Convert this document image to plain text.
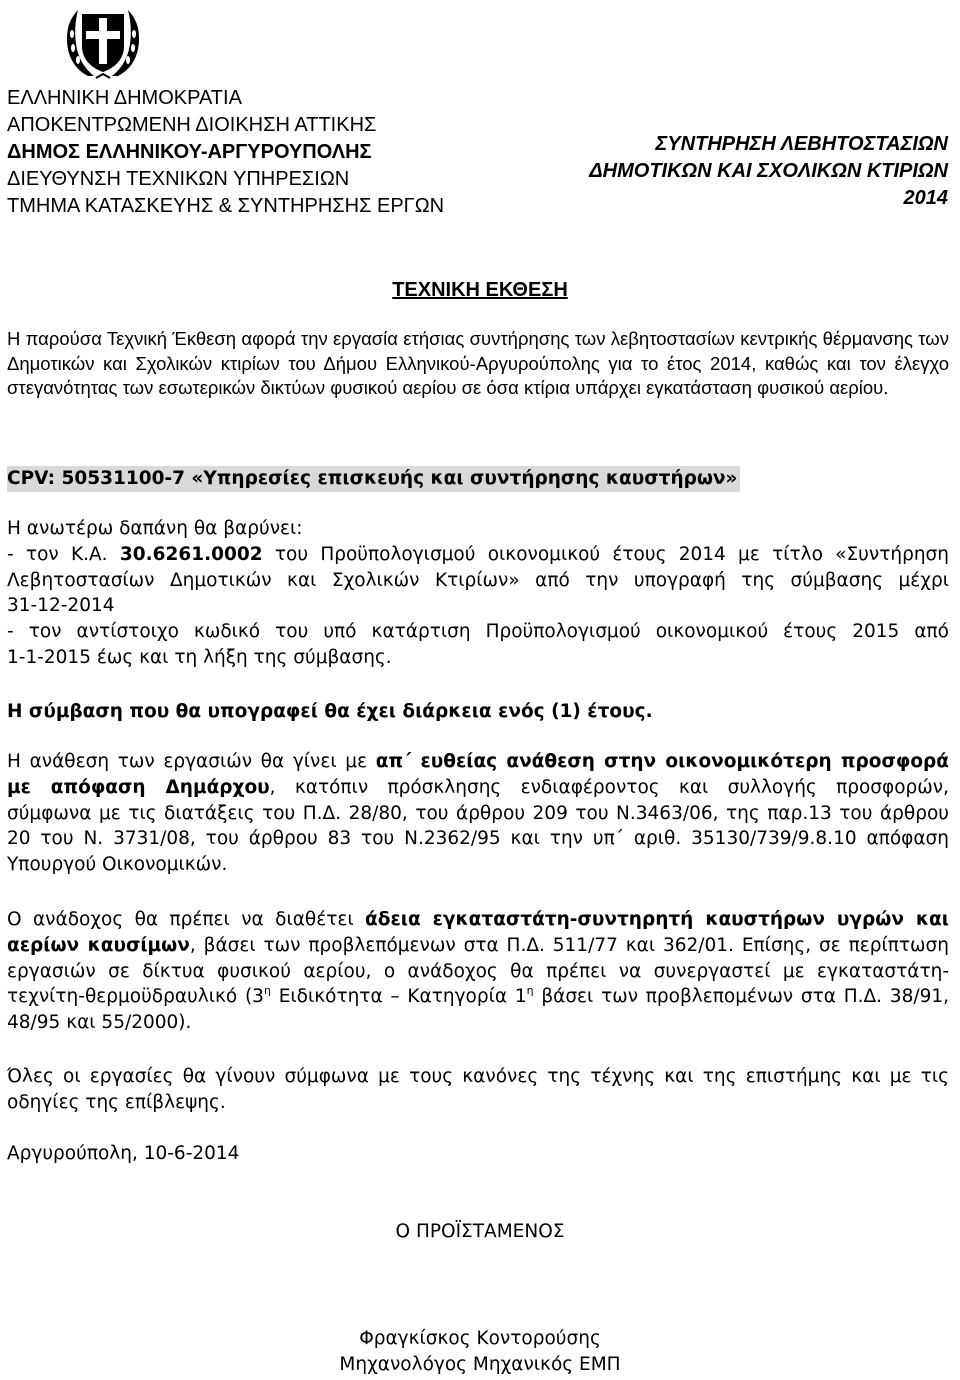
ΕΛΛΗΝΙΚΗ ΔΗΜΟΚΡΑΤΙΑ
ΑΠΟΚΕΝΤΡΩΜΕΝΗ ΔΙΟΙΚΗΣΗ ΑΤΤΙΚΗΣ
ΔΗΜΟΣ ΕΛΛΗΝΙΚΟΥ-ΑΡΓΥΡΟΥΠΟΛΗΣ
ΔΙΕΥΘΥΝΣΗ ΤΕΧΝΙΚΩΝ ΥΠΗΡΕΣΙΩΝ
ΤΜΗΜΑ ΚΑΤΑΣΚΕΥΗΣ & ΣΥΝΤΗΡΗΣΗΣ ΕΡΓΩΝ
ΣΥΝΤΗΡΗΣΗ ΛΕΒΗΤΟΣΤΑΣΙΩΝ
ΔΗΜΟΤΙΚΩΝ ΚΑΙ ΣΧΟΛΙΚΩΝ ΚΤΙΡΙΩΝ
2014
ΤΕΧΝΙΚΗ ΕΚΘΕΣΗ
Η παρούσα Τεχνική Έκθεση αφορά την εργασία ετήσιας συντήρησης των λεβητοστασίων κεντρικής θέρμανσης των Δημοτικών και Σχολικών κτιρίων του Δήμου Ελληνικού-Αργυρούπολης για το έτος 2014, καθώς και τον έλεγχο στεγανότητας των εσωτερικών δικτύων φυσικού αερίου σε όσα κτίρια υπάρχει εγκατάσταση φυσικού αερίου.
CPV: 50531100-7 «Υπηρεσίες επισκευής και συντήρησης καυστήρων»
Η ανωτέρω δαπάνη θα βαρύνει:
- τον Κ.Α. 30.6261.0002 του Προϋπολογισμού οικονομικού έτους 2014 με τίτλο «Συντήρηση
Λεβητοστασίων Δημοτικών και Σχολικών Κτιρίων» από την υπογραφή της σύμβασης μέχρι
31-12-2014
- τον αντίστοιχο κωδικό του υπό κατάρτιση Προϋπολογισμού οικονομικού έτους 2015 από
1-1-2015 έως και τη λήξη της σύμβασης.
Η σύμβαση που θα υπογραφεί θα έχει διάρκεια ενός (1) έτους.
Η ανάθεση των εργασιών θα γίνει με απ΄ ευθείας ανάθεση στην οικονομικότερη προσφορά
με απόφαση Δημάρχου, κατόπιν πρόσκλησης ενδιαφέροντος και συλλογής προσφορών,
σύμφωνα με τις διατάξεις του Π.Δ. 28/80, του άρθρου 209 του Ν.3463/06, της παρ.13 του άρθρου
20 του Ν. 3731/08, του άρθρου 83 του Ν.2362/95 και την υπ΄ αριθ. 35130/739/9.8.10 απόφαση
Υπουργού Οικονομικών.
Ο ανάδοχος θα πρέπει να διαθέτει άδεια εγκαταστάτη-συντηρητή καυστήρων υγρών και
αερίων καυσίμων, βάσει των προβλεπόμενων στα Π.Δ. 511/77 και 362/01. Επίσης, σε περίπτωση
εργασιών σε δίκτυα φυσικού αερίου, ο ανάδοχος θα πρέπει να συνεργαστεί με εγκαταστάτη-
τεχνίτη-θερμοϋδραυλικό ($3^\eta$ Ειδικότητα – Κατηγορία $1^\eta$ βάσει των προβλεπομένων στα Π.Δ. 38/91,
48/95 και 55/2000).
Όλες οι εργασίες θα γίνουν σύμφωνα με τους κανόνες της τέχνης και της επιστήμης και με τις
οδηγίες της επίβλεψης.
Αργυρούπολη, 10-6-2014
Ο ΠΡΟΪΣΤΑΜΕΝΟΣ
Φραγκίσκος Κοντορούσης
Μηχανολόγος Μηχανικός ΕΜΠ
